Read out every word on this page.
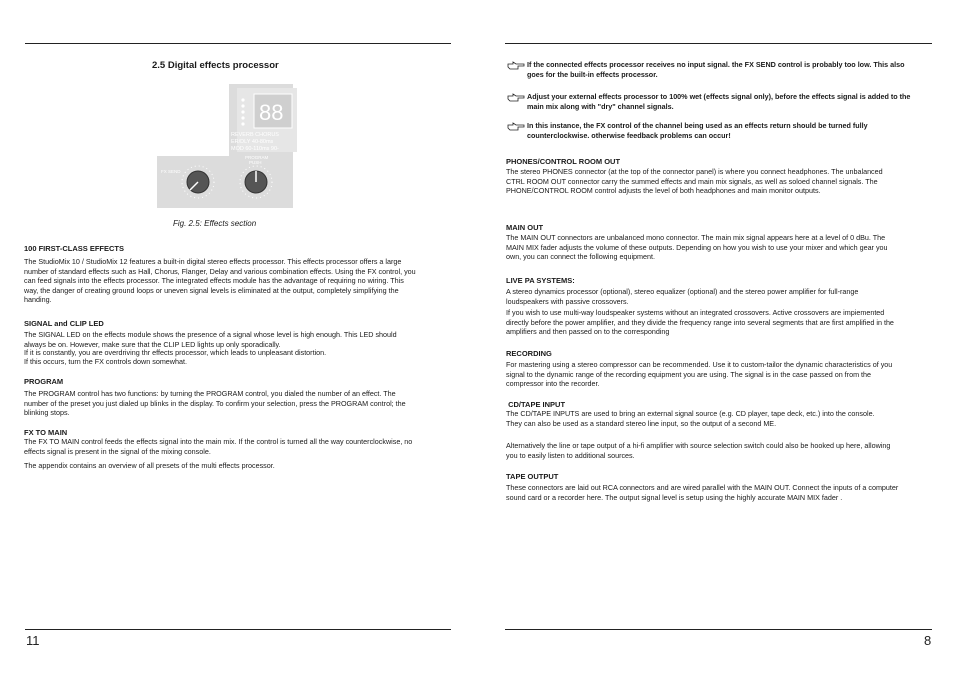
2.5 Digital effects processor
88
REVERB CHORUS
ER/DLY 40-80ms
MOD 60-110ms 90-
PROGRAM
PUSH
FX SEND
Fig. 2.5: Effects section
100 FIRST-CLASS EFFECTS

The StudioMix 10 / StudioMix 12 features a built-in digital stereo effects processor. This effects processor offers a large number of standard effects such as Hall, Chorus, Flanger, Delay and various combination effects. Using the FX control, you can feed signals into the effects processor. The integrated effects module has the advantage of requiring no wiring. This way, the danger of creating ground loops or uneven signal levels is eliminated at the output, completely simplifying the handing.

SIGNAL and CLIP LED

The SIGNAL LED on the effects module shows the presence of a signal whose level is high enough. This LED should always be on. However, make sure that the CLIP LED lights up only sporadically.

If it is constantly, you are overdriving thr effects processor, which leads to unpleasant distortion.

If this occurs, turn the FX controls down somewhat.

PROGRAM

The PROGRAM control has two functions: by turning the PROGRAM control, you dialed the number of an effect. The number of the preset you just dialed up blinks in the display. To confirm your selection, press the PROGRAM control; the blinking stops.

FX TO MAIN

The FX TO MAIN control feeds the effects signal into the main mix. If the control is turned all the way counterclockwise, no effects signal is present in the signal of the mixing console.

The appendix contains an overview of all presets of the multi effects processor.

11
If the connected effects processor receives no input signal. the FX SEND control is probably too low. This also goes for the built-in effects processor.
Adjust your external effects processor to 100% wet (effects signal only), before the effects signal is added to the main mix along with "dry" channel signals.
In this instance, the FX control of the channel being used as an effects return should be turned fully counterclockwise. otherwise feedback problems can occur!
PHONES/CONTROL ROOM OUT

The stereo PHONES connector (at the top of the connector panel) is where you connect headphones. The unbalanced CTRL ROOM OUT connector carry the summed effects and main mix signals, as well as soloed channel signals. The PHONE/CONTROL ROOM control adjusts the level of both headphones and main monitor outputs.

MAIN OUT

The MAIN OUT connectors are unbalanced mono connector. The main mix signal appears here at a level of 0 dBu. The MAIN MIX fader adjusts the volume of these outputs. Depending on how you wish to use your mixer and which gear you own, you can connect the following equipment.

LIVE PA SYSTEMS:

A stereo dynamics processor (optional), stereo equalizer (optional) and the stereo power amplifier for full-range loudspeakers with passive crossovers.

If you wish to use multi-way loudspeaker systems without an integrated crossovers. Active crossovers are impiemented directly before the power amplifier, and they divide the frequency range into several segments that are first amplified in the amplifiers and then passed on to the corresponding

RECORDING

For mastering using a stereo compressor can be recommended. Use it to custom-tailor the dynamic characteristics of you signal to the dynamic range of the recording equipment you are using. The signal is in the case passed on from the compressor into the recorder.

CD/TAPE INPUT

The CD/TAPE INPUTS are used to bring an external signal source (e.g. CD player, tape deck, etc.) into the console. They can also be used as a standard stereo line input, so the output of a second ME.

Alternatively the line or tape output of a hi-fi amplifier with source selection switch could also be hooked up here, allowing you to easily listen to additional sources.

TAPE OUTPUT

These connectors are laid out RCA connectors and are wired parallel with the MAIN OUT. Connect the inputs of a computer sound card or a recorder here. The output signal level is setup using the highly accurate MAIN MIX fader .

8
